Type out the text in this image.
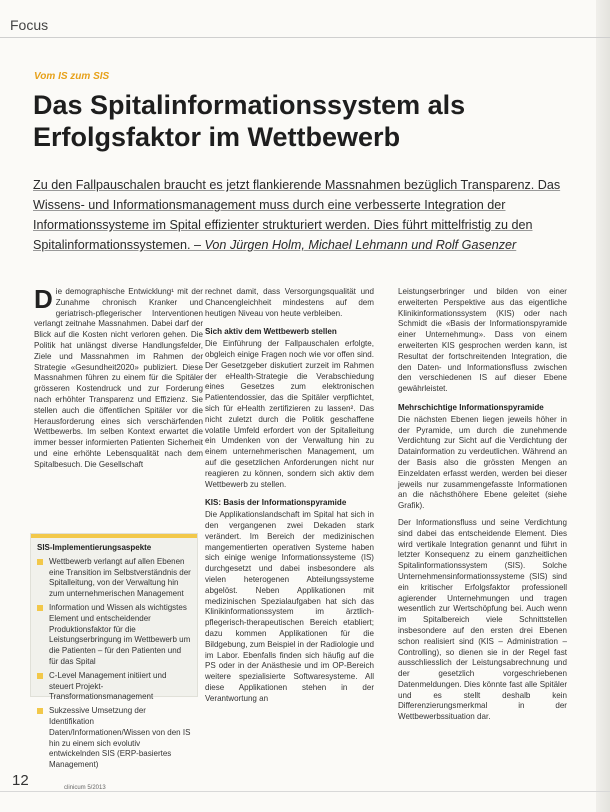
Focus
Vom IS zum SIS
Das Spitalinformationssystem als
Erfolgsfaktor im Wettbewerb
Zu den Fallpauschalen braucht es jetzt flankierende Massnahmen bezüglich Transparenz. Das Wissens- und Informationsmanagement muss durch eine verbesserte Integration der Informationssysteme im Spital effizienter strukturiert werden. Dies führt mittelfristig zu den Spitalinformationssystemen. – Von Jürgen Holm, Michael Lehmann und Rolf Gasenzer

Die demographische Entwicklung¹ mit der Zunahme chronisch Kranker und geriatrisch-pflegerischer Interventionen verlangt zeitnahe Massnahmen. Dabei darf der Blick auf die Kosten nicht verloren gehen. Die Politik hat unlängst diverse Handlungsfelder, Ziele und Massnahmen im Rahmen der Strategie «Gesundheit2020» publiziert. Diese Massnahmen führen zu einem für die Spitäler grösseren Kostendruck und zur Forderung nach erhöhter Transparenz und Effizienz. Sie stellen auch die öffentlichen Spitäler vor die Herausforderung eines sich verschärfenden Wettbewerbs. Im selben Kontext erwartet die immer besser informierten Patienten Sicherheit und eine erhöhte Lebensqualität nach dem Spitalbesuch. Die Gesellschaft

SIS-Implementierungsaspekte
Wettbewerb verlangt auf allen Ebenen eine Transition im Selbstverständnis der Spitalleitung, von der Verwaltung hin zum unternehmerischen Management
Information und Wissen als wichtigstes Element und entscheidender Produktionsfaktor für die Leistungserbringung im Wettbewerb um die Patienten – für den Patienten und für das Spital
C-Level Management initiiert und steuert Projekt-Transformationsmanagement
Sukzessive Umsetzung der Identifikation Daten/Informationen/Wissen von den IS hin zu einem sich evolutiv entwickelnden SIS (ERP-basiertes Management)

rechnet damit, dass Versorgungsqualität und Chancengleichheit mindestens auf dem heutigen Niveau von heute verbleiben.

Sich aktiv dem Wettbewerb stellen

Die Einführung der Fallpauschalen erfolgte, obgleich einige Fragen noch wie vor offen sind. Der Gesetzgeber diskutiert zurzeit im Rahmen der eHealth-Strategie die Verabschiedung eines Gesetzes zum elektronischen Patientendossier, das die Spitäler verpflichtet, sich für eHealth zertifizieren zu lassen². Das nicht zuletzt durch die Politik geschaffene volatile Umfeld erfordert von der Spitalleitung ein Umdenken von der Verwaltung hin zu einem unternehmerischen Management, um auf die gesetzlichen Anforderungen nicht nur reagieren zu können, sondern sich aktiv dem Wettbewerb zu stellen.

KIS: Basis der Informationspyramide

Die Applikationslandschaft im Spital hat sich in den vergangenen zwei Dekaden stark verändert. Im Bereich der medizinischen mangementierten operativen Systeme haben sich einige wenige Informationssysteme (IS) durchgesetzt und dabei insbesondere als vielen heterogenen Abteilungssysteme abgelöst. Neben Applikationen mit medizinischen Spezialaufgaben hat sich das Klinikinformationssystem im ärztlich-pflegerisch-therapeutischen Bereich etabliert; dazu kommen Applikationen für die Bildgebung, zum Beispiel in der Radiologie und im Labor. Ebenfalls finden sich häufig auf die PS oder in der Anästhesie und im OP-Bereich weitere spezialisierte Softwaresysteme. All diese Applikationen stehen in der Verantwortung an

Leistungserbringer und bilden von einer erweiterten Perspektive aus das eigentliche Klinikinformationssystem (KIS) oder nach Schmidt die «Basis der Informationspyramide einer Unternehmung». Dass von einem erweiterten KIS gesprochen werden kann, ist Resultat der fortschreitenden Integration, die den Daten- und Informationsfluss zwischen den verschiedenen IS auf dieser Ebene gewährleistet.

Mehrschichtige Informationspyramide

Die nächsten Ebenen liegen jeweils höher in der Pyramide, um durch die zunehmende Verdichtung zur Sicht auf die Verdichtung der Datainformation zu verdeutlichen. Während an der Basis also die grössten Mengen an Einzeldaten erfasst werden, werden bei dieser jeweils nur zusammengefasste Informationen an die nächsthöhere Ebene geleitet (siehe Grafik).

Der Informationsfluss und seine Verdichtung sind dabei das entscheidende Element. Dies wird vertikale Integration genannt und führt in letzter Konsequenz zu einem ganzheitlichen Spitalinformationssystem (SIS). Solche Unternehmensinformationssysteme (SIS) sind ein kritischer Erfolgsfaktor professionell agierender Unternehmungen und tragen wesentlich zur Wertschöpfung bei. Auch wenn im Spitalbereich viele Schnittstellen insbesondere auf den ersten drei Ebenen schon realisiert sind (KIS – Administration – Controlling), so dienen sie in der Regel fast ausschliesslich der Leistungsabrechnung und der gesetzlich vorgeschriebenen Datenmeldungen. Dies könnte fast alle Spitäler und es stellt deshalb kein Differenzierungsmerkmal in der Wettbewerbssituation dar.

12	clinicum 5/2013
